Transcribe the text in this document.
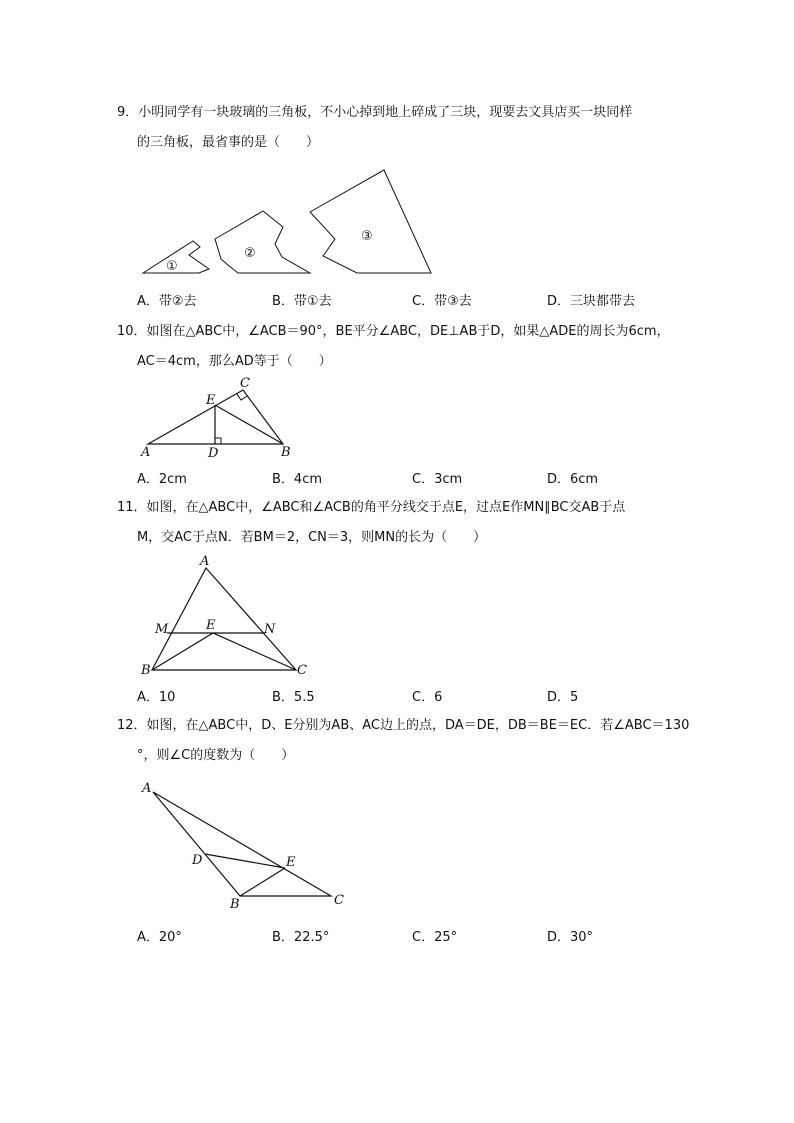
9．小明同学有一块玻璃的三角板，不小心掉到地上碎成了三块，现要去文具店买一块同样
的三角板，最省事的是（　　）
①
②
③
A．带②去	B．带①去	C．带③去	D．三块都带去
10．如图在△ABC中，∠ACB＝90°，BE平分∠ABC，DE⊥AB于D，如果△ADE的周长为6cm，
AC＝4cm，那么AD等于（　　）
A	B
C
D
E
A．2cm	B．4cm	C．3cm	D．6cm
11．如图，在△ABC中，∠ABC和∠ACB的角平分线交于点E，过点E作MN∥BC交AB于点
M，交AC于点N．若BM＝2，CN＝3，则MN的长为（　　）
A
B	C
M	N
E
A．10	B．5.5	C．6	D．5
12．如图，在△ABC中，D、E分别为AB、AC边上的点，DA＝DE，DB＝BE＝EC．若∠ABC＝130
°，则∠C的度数为（　　）
A
B	C
D	E
A．20°	B．22.5°	C．25°	D．30°
